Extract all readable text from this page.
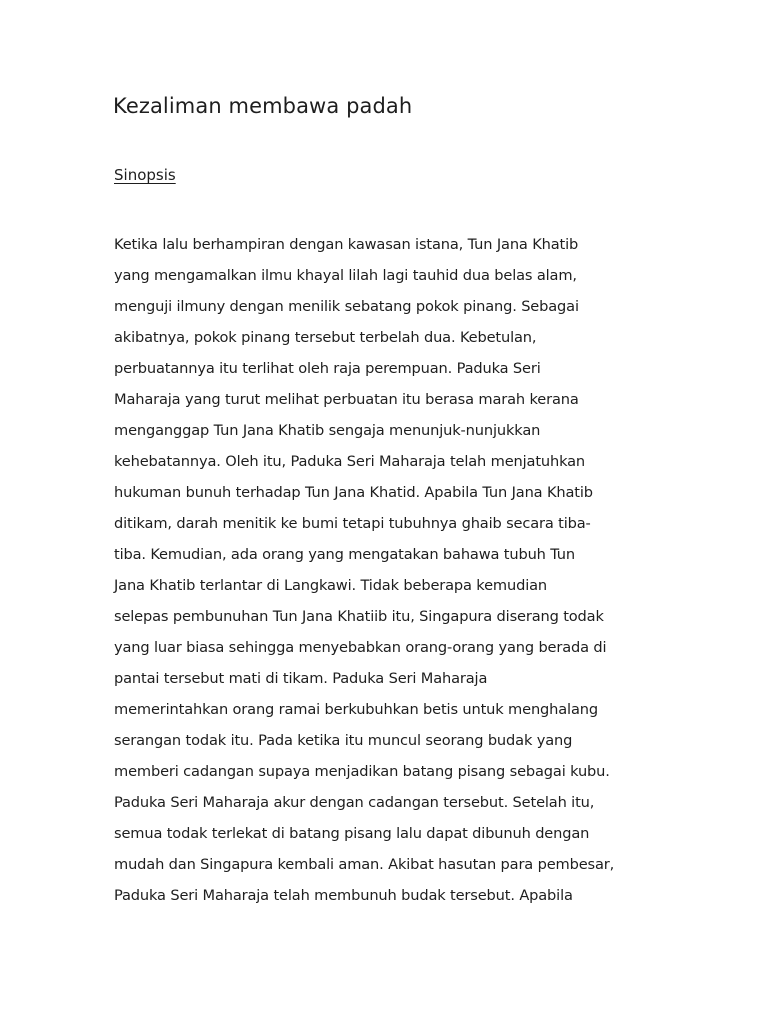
Kezaliman membawa padah
Sinopsis
Ketika lalu berhampiran dengan kawasan istana, Tun Jana Khatib
yang mengamalkan ilmu khayal lilah lagi tauhid dua belas alam,
menguji ilmuny dengan menilik sebatang pokok pinang. Sebagai
akibatnya, pokok pinang tersebut terbelah dua. Kebetulan,
perbuatannya itu terlihat oleh raja perempuan. Paduka Seri
Maharaja yang turut melihat perbuatan itu berasa marah kerana
menganggap Tun Jana Khatib sengaja menunjuk-nunjukkan
kehebatannya. Oleh itu, Paduka Seri Maharaja telah menjatuhkan
hukuman bunuh terhadap Tun Jana Khatid. Apabila Tun Jana Khatib
ditikam, darah menitik ke bumi tetapi tubuhnya ghaib secara tiba-
tiba. Kemudian, ada orang yang mengatakan bahawa tubuh Tun
Jana Khatib terlantar di Langkawi. Tidak beberapa kemudian
selepas pembunuhan Tun Jana Khatiib itu, Singapura diserang todak
yang luar biasa sehingga menyebabkan orang-orang yang berada di
pantai tersebut mati di tikam. Paduka Seri Maharaja
memerintahkan orang ramai berkubuhkan betis untuk menghalang
serangan todak itu. Pada ketika itu muncul seorang budak yang
memberi cadangan supaya menjadikan batang pisang sebagai kubu.
Paduka Seri Maharaja akur dengan cadangan tersebut. Setelah itu,
semua todak terlekat di batang pisang lalu dapat dibunuh dengan
mudah dan Singapura kembali aman. Akibat hasutan para pembesar,
Paduka Seri Maharaja telah membunuh budak tersebut. Apabila
